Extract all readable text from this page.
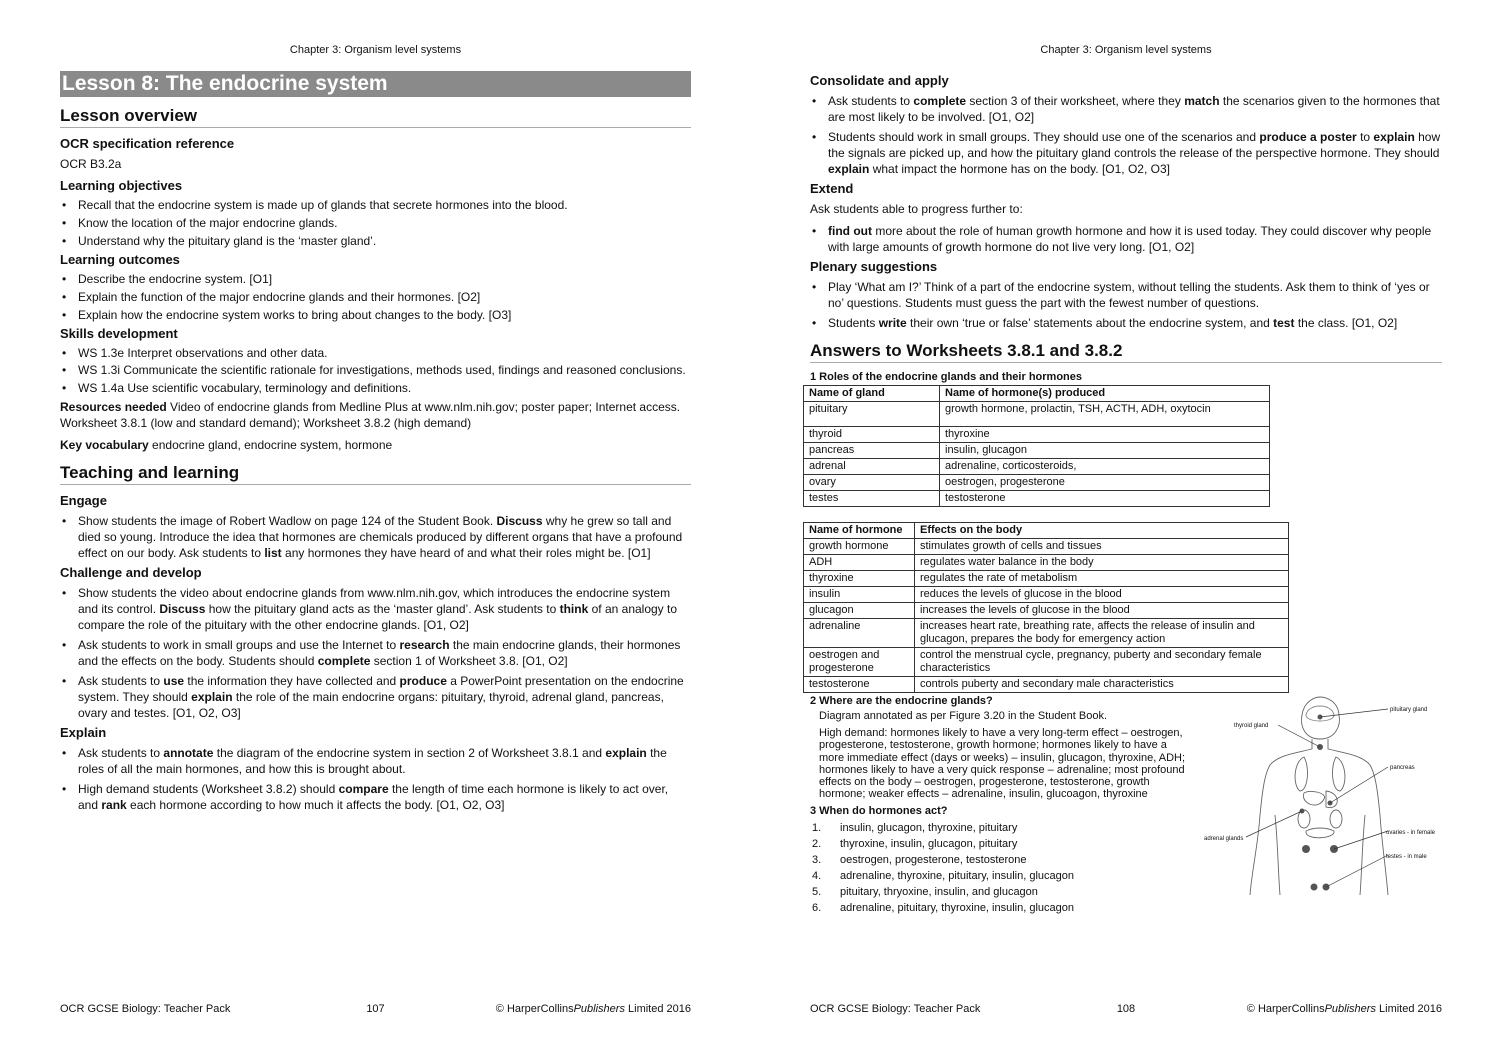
Chapter 3: Organism level systems
Lesson 8: The endocrine system
Lesson overview
OCR specification reference

OCR B3.2a

Learning objectives
• Recall that the endocrine system is made up of glands that secrete hormones into the blood.
• Know the location of the major endocrine glands.
• Understand why the pituitary gland is the ‘master gland’.
Learning outcomes
• Describe the endocrine system. [O1]
• Explain the function of the major endocrine glands and their hormones. [O2]
• Explain how the endocrine system works to bring about changes to the body. [O3]
Skills development
• WS 1.3e Interpret observations and other data.
• WS 1.3i Communicate the scientific rationale for investigations, methods used, findings and reasoned conclusions.
• WS 1.4a Use scientific vocabulary, terminology and definitions.

Resources needed Video of endocrine glands from Medline Plus at www.nlm.nih.gov; poster paper; Internet access. Worksheet 3.8.1 (low and standard demand); Worksheet 3.8.2 (high demand)

Key vocabulary endocrine gland, endocrine system, hormone

Teaching and learning
Engage
• Show students the image of Robert Wadlow on page 124 of the Student Book. Discuss why he grew so tall and died so young. Introduce the idea that hormones are chemicals produced by different organs that have a profound effect on our body. Ask students to list any hormones they have heard of and what their roles might be. [O1]
Challenge and develop
• Show students the video about endocrine glands from www.nlm.nih.gov, which introduces the endocrine system and its control. Discuss how the pituitary gland acts as the ‘master gland’. Ask students to think of an analogy to compare the role of the pituitary with the other endocrine glands. [O1, O2]
• Ask students to work in small groups and use the Internet to research the main endocrine glands, their hormones and the effects on the body. Students should complete section 1 of Worksheet 3.8. [O1, O2]
• Ask students to use the information they have collected and produce a PowerPoint presentation on the endocrine system. They should explain the role of the main endocrine organs: pituitary, thyroid, adrenal gland, pancreas, ovary and testes. [O1, O2, O3]
Explain
• Ask students to annotate the diagram of the endocrine system in section 2 of Worksheet 3.8.1 and explain the roles of all the main hormones, and how this is brought about.
• High demand students (Worksheet 3.8.2) should compare the length of time each hormone is likely to act over, and rank each hormone according to how much it affects the body. [O1, O2, O3]
OCR GCSE Biology: Teacher Pack	107	© HarperCollinsPublishers Limited 2016
Chapter 3: Organism level systems
Consolidate and apply
• Ask students to complete section 3 of their worksheet, where they match the scenarios given to the hormones that are most likely to be involved. [O1, O2]
• Students should work in small groups. They should use one of the scenarios and produce a poster to explain how the signals are picked up, and how the pituitary gland controls the release of the perspective hormone. They should explain what impact the hormone has on the body. [O1, O2, O3]
Extend

Ask students able to progress further to:

• find out more about the role of human growth hormone and how it is used today. They could discover why people with large amounts of growth hormone do not live very long. [O1, O2]
Plenary suggestions
• Play ‘What am I?’ Think of a part of the endocrine system, without telling the students. Ask them to think of ‘yes or no’ questions. Students must guess the part with the fewest number of questions.
• Students write their own ‘true or false’ statements about the endocrine system, and test the class. [O1, O2]
Answers to Worksheets 3.8.1 and 3.8.2
1 Roles of the endocrine glands and their hormones
Name of gland	Name of hormone(s) produced
pituitary	growth hormone, prolactin, TSH, ACTH, ADH, oxytocin
thyroid	thyroxine
pancreas	insulin, glucagon
adrenal	adrenaline, corticosteroids,
ovary	oestrogen, progesterone
testes	testosterone
Name of hormone	Effects on the body
growth hormone	stimulates growth of cells and tissues
ADH	regulates water balance in the body
thyroxine	regulates the rate of metabolism
insulin	reduces the levels of glucose in the blood
glucagon	increases the levels of glucose in the blood
adrenaline	increases heart rate, breathing rate, affects the release of insulin and glucagon, prepares the body for emergency action
oestrogen and progesterone	control the menstrual cycle, pregnancy, puberty and secondary female characteristics
testosterone	controls puberty and secondary male characteristics
2 Where are the endocrine glands?

Diagram annotated as per Figure 3.20 in the Student Book.

High demand: hormones likely to have a very long-term effect – oestrogen, progesterone, testosterone, growth hormone; hormones likely to have a more immediate effect (days or weeks) – insulin, glucagon, thyroxine, ADH; hormones likely to have a very quick response – adrenaline; most profound effects on the body – oestrogen, progesterone, testosterone, growth hormone; weaker effects – adrenaline, insulin, glucoagon, thyroxine

3 When do hormones act?
1. insulin, glucagon, thyroxine, pituitary
2. thyroxine, insulin, glucagon, pituitary
3. oestrogen, progesterone, testosterone
4. adrenaline, thyroxine, pituitary, insulin, glucagon
5. pituitary, thryoxine, insulin, and glucagon
6. adrenaline, pituitary, thyroxine, insulin, glucagon
pituitary gland
thyroid gland
pancreas
adrenal glands
ovaries - in female
testes - in male
OCR GCSE Biology: Teacher Pack	108	© HarperCollinsPublishers Limited 2016
